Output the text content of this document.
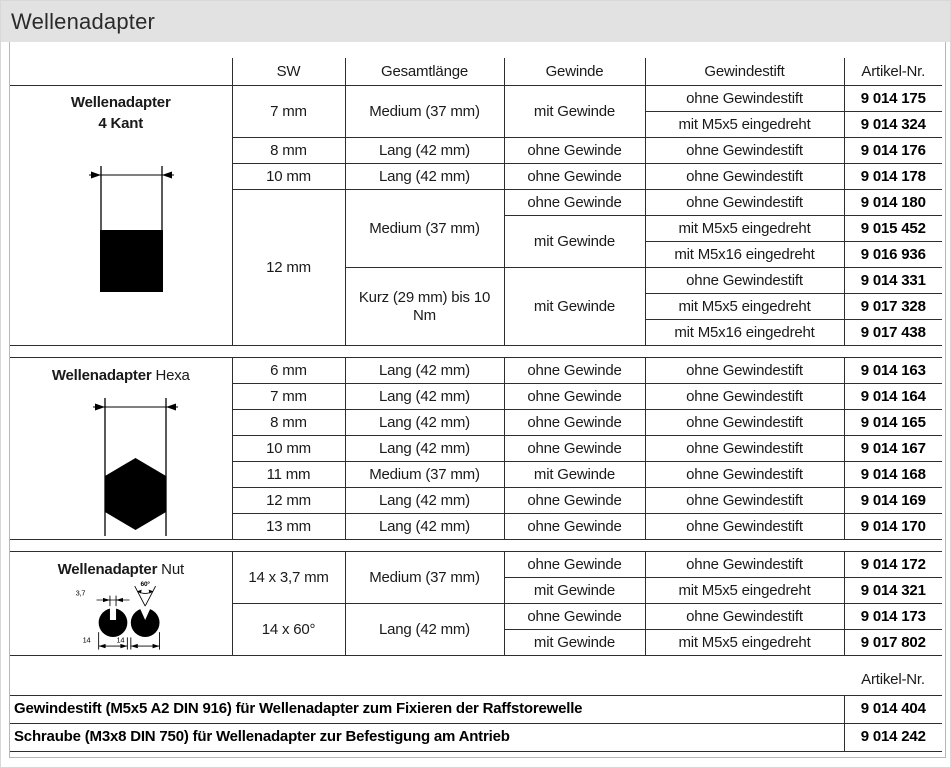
Wellenadapter
	SW	Gesamtlänge	Gewinde	Gewindestift	Artikel-Nr.
Wellenadapter
4 Kant	7 mm	Medium (37 mm)	mit Gewinde	ohne Gewindestift	9 014 175
				mit M5x5 eingedreht	9 014 324
	8 mm	Lang (42 mm)	ohne Gewinde	ohne Gewindestift	9 014 176
	10 mm	Lang (42 mm)	ohne Gewinde	ohne Gewindestift	9 014 178
	12 mm	Medium (37 mm)	ohne Gewinde	ohne Gewindestift	9 014 180
			mit Gewinde	mit M5x5 eingedreht	9 015 452
				mit M5x16 eingedreht	9 016 936
		Kurz (29 mm) bis 10 Nm	mit Gewinde	ohne Gewindestift	9 014 331
				mit M5x5 eingedreht	9 017 328
				mit M5x16 eingedreht	9 017 438
Wellenadapter Hexa	6 mm	Lang (42 mm)	ohne Gewinde	ohne Gewindestift	9 014 163
	7 mm	Lang (42 mm)	ohne Gewinde	ohne Gewindestift	9 014 164
	8 mm	Lang (42 mm)	ohne Gewinde	ohne Gewindestift	9 014 165
	10 mm	Lang (42 mm)	ohne Gewinde	ohne Gewindestift	9 014 167
	11 mm	Medium (37 mm)	mit Gewinde	ohne Gewindestift	9 014 168
	12 mm	Lang (42 mm)	ohne Gewinde	ohne Gewindestift	9 014 169
	13 mm	Lang (42 mm)	ohne Gewinde	ohne Gewindestift	9 014 170
Wellenadapter Nut
3,7
60°
14 14	14 x 3,7 mm	Medium (37 mm)	ohne Gewinde	ohne Gewindestift	9 014 172
			mit Gewinde	mit M5x5 eingedreht	9 014 321
	14 x 60°	Lang (42 mm)	ohne Gewinde	ohne Gewindestift	9 014 173
			mit Gewinde	mit M5x5 eingedreht	9 017 802
	Artikel-Nr.
Gewindestift (M5x5 A2 DIN 916) für Wellenadapter zum Fixieren der Raffstorewelle	9 014 404
Schraube (M3x8 DIN 750) für Wellenadapter zur Befestigung am Antrieb	9 014 242
